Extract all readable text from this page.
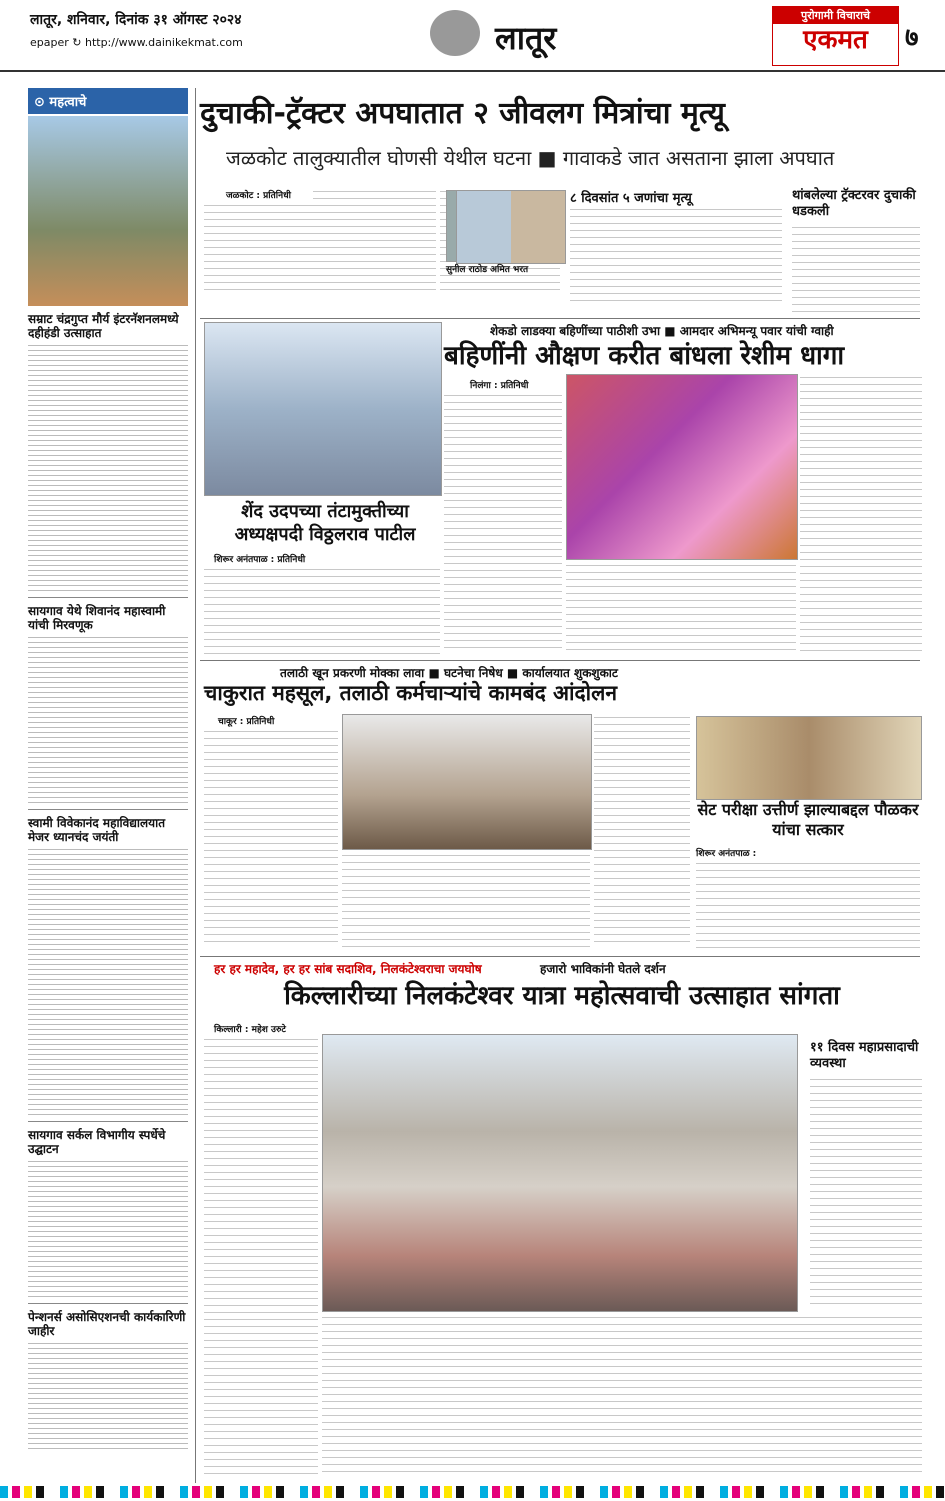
लातूर, शनिवार, दिनांक ३१ ऑगस्ट २०२४
epaper ↻ http://www.dainikekmat.com	लातूर
पुरोगामी विचाराचे
एकमत	७
⊙ महत्वाचे
सम्राट चंद्रगुप्त मौर्य इंटरनॅशनलमध्ये दहीहंडी उत्साहात
सायगाव येथे शिवानंद महास्वामी यांची मिरवणूक
स्वामी विवेकानंद महाविद्यालयात मेजर ध्यानचंद जयंती
सायगाव सर्कल विभागीय स्पर्धेचे उद्घाटन
पेन्शनर्स असोसिएशनची कार्यकारिणी जाहीर
दुचाकी-ट्रॅक्टर अपघातात २ जीवलग मित्रांचा मृत्यू
जळकोट तालुक्यातील घोणसी येथील घटना ■ गावाकडे जात असताना झाला अपघात
जळकोट : प्रतिनिधी
सुनील राठोड अमित भरत
८ दिवसांत ५ जणांचा मृत्यू	थांबलेल्या ट्रॅक्टरवर दुचाकी धडकली
शेकडो लाडक्या बहिणींच्या पाठीशी उभा ■ आमदार अभिमन्यू पवार यांची ग्वाही
बहिणींनी औक्षण करीत बांधला रेशीम धागा
निलंगा : प्रतिनिधी
शेंद उदपच्या तंटामुक्तीच्या अध्यक्षपदी विठ्ठलराव पाटील
शिरूर अनंतपाळ : प्रतिनिधी
तलाठी खून प्रकरणी मोक्का लावा ■ घटनेचा निषेध ■ कार्यालयात शुकशुकाट
चाकुरात महसूल, तलाठी कर्मचाऱ्यांचे कामबंद आंदोलन
चाकूर : प्रतिनिधी
सेट परीक्षा उत्तीर्ण झाल्याबद्दल पौळकर यांचा सत्कार
शिरूर अनंतपाळ :
हर हर महादेव, हर हर सांब सदाशिव, निलकंटेश्वराचा जयघोष	हजारो भाविकांनी घेतले दर्शन
किल्लारीच्या निलकंटेश्वर यात्रा महोत्सवाची उत्साहात सांगता
किल्लारी : महेश उरुटे
११ दिवस महाप्रसादाची व्यवस्था
